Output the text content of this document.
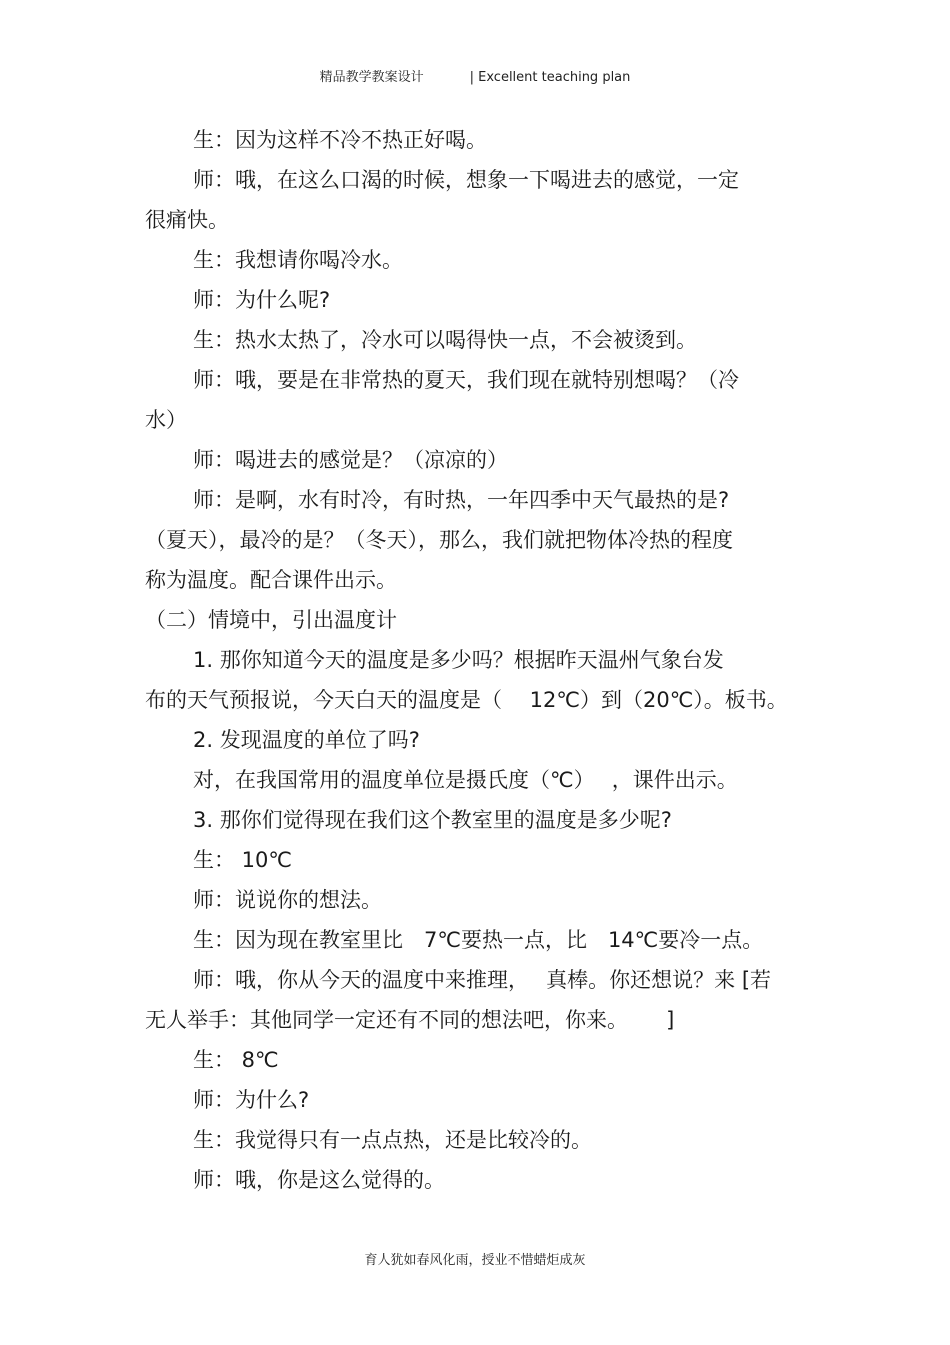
精品教学教案设计	| Excellent teaching plan
生：因为这样不冷不热正好喝。
师：哦，在这么口渴的时候，想象一下喝进去的感觉，一定
很痛快。
生：我想请你喝冷水。
师：为什么呢?
生：热水太热了，冷水可以喝得快一点，不会被烫到。
师：哦，要是在非常热的夏天，我们现在就特别想喝？（冷
水）
师：喝进去的感觉是？（凉凉的）
师：是啊，水有时冷，有时热，一年四季中天气最热的是?
（夏天），最冷的是？（冬天），那么，我们就把物体冷热的程度
称为温度。配合课件出示。
（二）情境中，引出温度计
1. 那你知道今天的温度是多少吗？根据昨天温州气象台发
布的天气预报说，今天白天的温度是（　 12℃）到（20℃）。板书。
2. 发现温度的单位了吗?
对，在我国常用的温度单位是摄氏度（℃）　 ，课件出示。
3. 那你们觉得现在我们这个教室里的温度是多少呢?
生： 10℃
师：说说你的想法。
生：因为现在教室里比　7℃要热一点，比　14℃要冷一点。
师：哦，你从今天的温度中来推理，　 真棒。你还想说？来 [若
无人举手：其他同学一定还有不同的想法吧，你来。　　 ]
生： 8℃
师：为什么?
生：我觉得只有一点点热，还是比较冷的。
师：哦，你是这么觉得的。
育人犹如春风化雨，授业不惜蜡炬成灰
